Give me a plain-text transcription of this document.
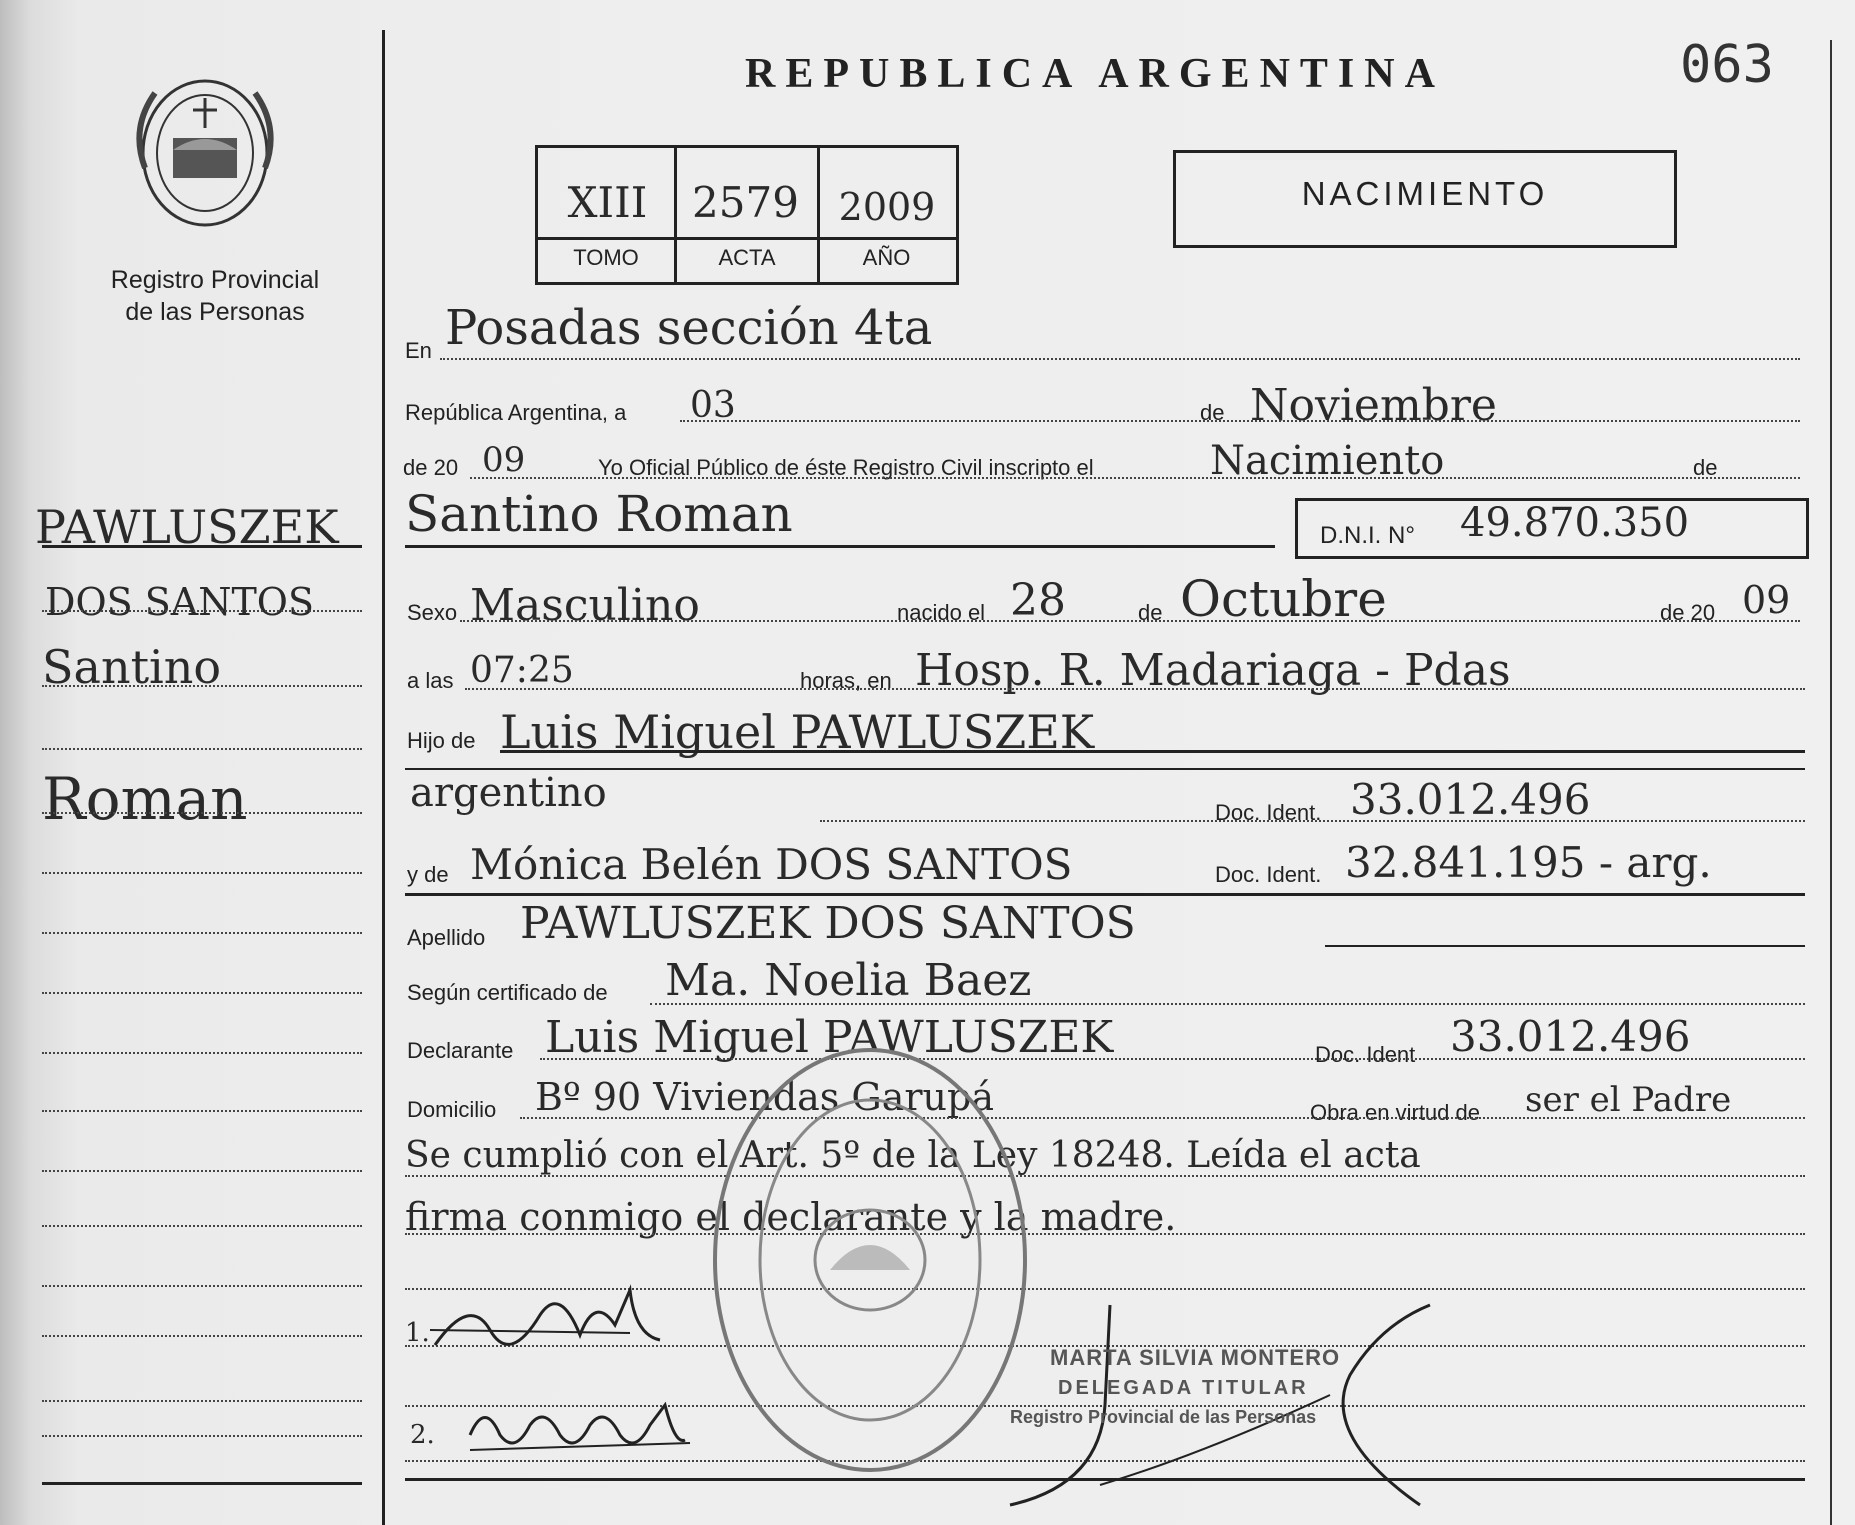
Registro Provincial
de las Personas
REPUBLICA ARGENTINA	063
XIII	2579	2009
TOMO	ACTA	AÑO
NACIMIENTO
PAWLUSZEK
DOS SANTOS
Santino
Roman
En Posadas sección 4ta
República Argentina, a 03	de Noviembre
de 20 09	Yo Oficial Público de éste Registro Civil inscripto el	Nacimiento	de
Santino Roman	D.N.I. N° 49.870.350
Sexo Masculino	nacido el 28	de Octubre	de 20 09
a las 07:25	horas, en Hosp. R. Madariaga - Pdas
Hijo de Luis Miguel PAWLUSZEK
argentino	Doc. Ident. 33.012.496
y de Mónica Belén DOS SANTOS	Doc. Ident. 32.841.195 - arg.
Apellido PAWLUSZEK DOS SANTOS
Según certificado de Ma. Noelia Baez
Declarante Luis Miguel PAWLUSZEK	Doc. Ident 33.012.496
Domicilio Bº 90 Viviendas Garupá	Obra en virtud de ser el Padre
Se cumplió con el Art. 5º de la Ley 18248. Leída el acta
firma conmigo el declarante y la madre.
1.
2.
MARTA SILVIA MONTERO
DELEGADA TITULAR
Registro Provincial de las Personas
